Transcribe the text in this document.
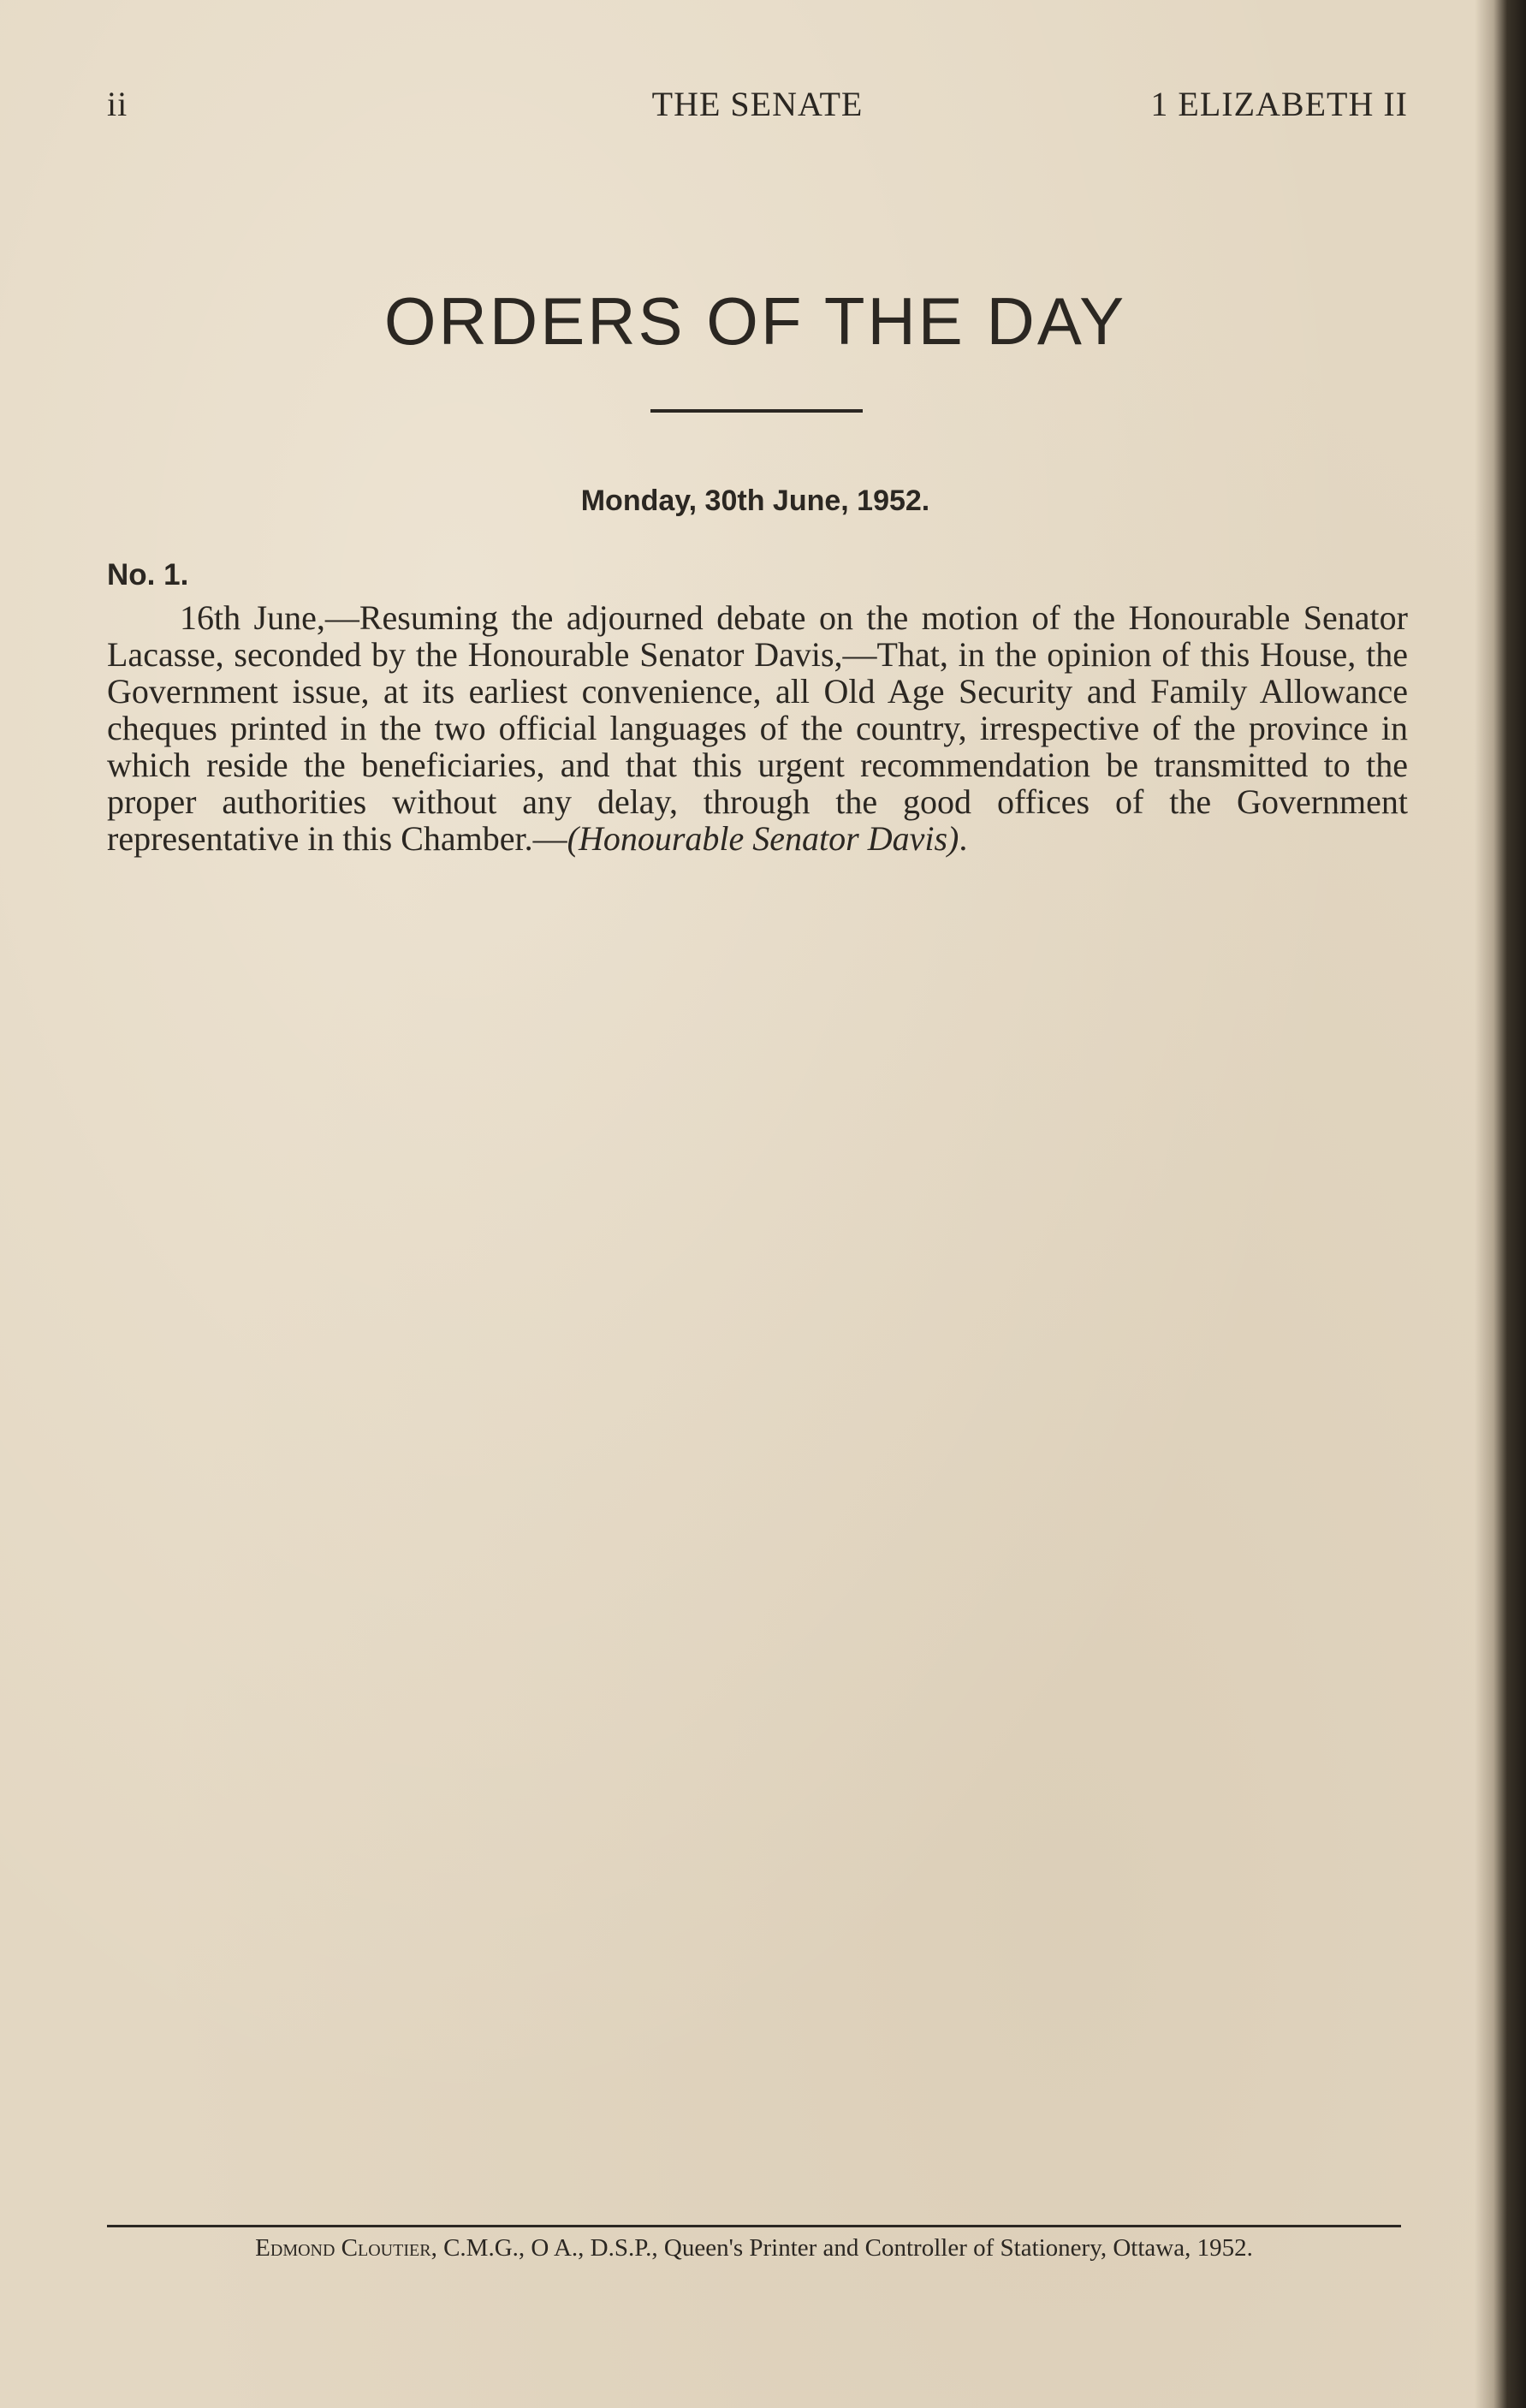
ii	THE SENATE	1 ELIZABETH II
ORDERS OF THE DAY
Monday, 30th June, 1952.
No. 1.

16th June,—Resuming the adjourned debate on the motion of the Honourable Senator Lacasse, seconded by the Honourable Senator Davis,—That, in the opinion of this House, the Government issue, at its earliest convenience, all Old Age Security and Family Allowance cheques printed in the two official languages of the country, irrespective of the province in which reside the beneficiaries, and that this urgent recommendation be transmitted to the proper authorities without any delay, through the good offices of the Government representative in this Chamber.—(Honourable Senator Davis).

Edmond Cloutier, C.M.G., O A., D.S.P., Queen's Printer and Controller of Stationery, Ottawa, 1952.
